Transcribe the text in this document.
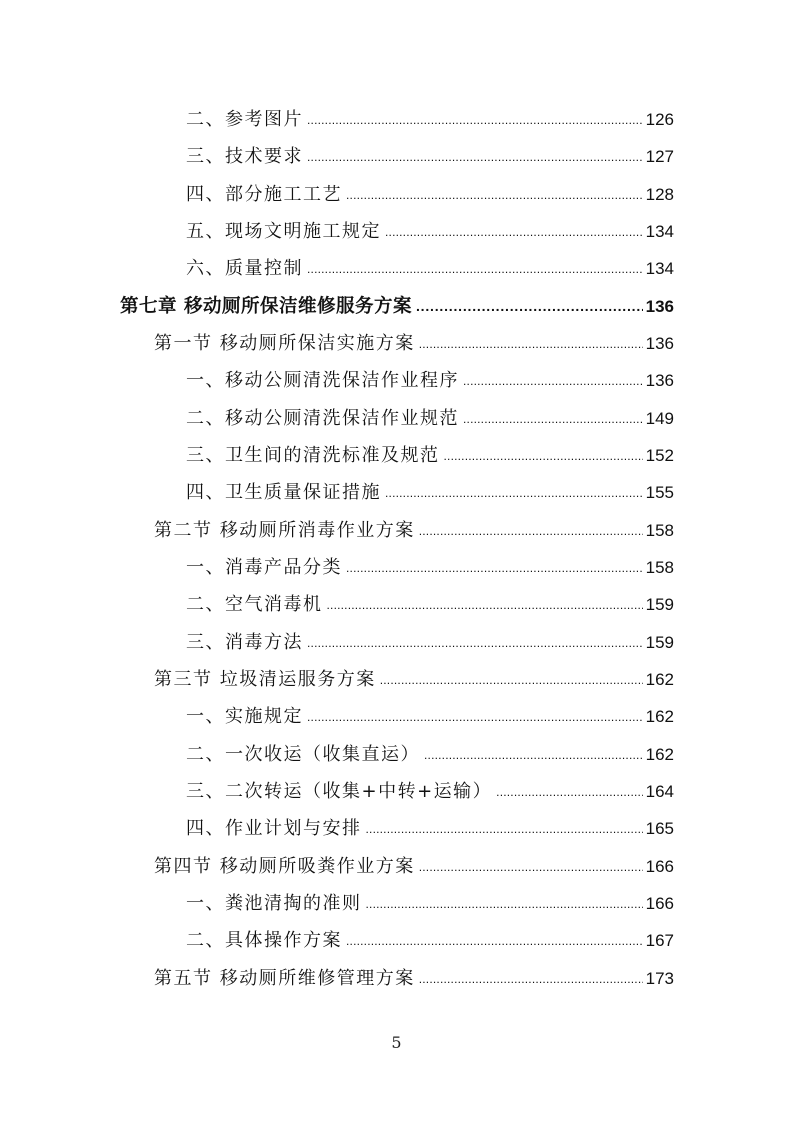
二、参考图片 .....	126
三、技术要求 .....	127
四、部分施工工艺 .....	128
五、现场文明施工规定 .....	134
六、质量控制 .....	134
第七章 移动厕所保洁维修服务方案 .....	136
第一节 移动厕所保洁实施方案 .....	136
一、移动公厕清洗保洁作业程序 .....	136
二、移动公厕清洗保洁作业规范 .....	149
三、卫生间的清洗标准及规范 .....	152
四、卫生质量保证措施 .....	155
第二节 移动厕所消毒作业方案 .....	158
一、消毒产品分类 .....	158
二、空气消毒机 .....	159
三、消毒方法 .....	159
第三节 垃圾清运服务方案 .....	162
一、实施规定 .....	162
二、一次收运（收集直运） .....	162
三、二次转运（收集+中转+运输） .....	164
四、作业计划与安排 .....	165
第四节 移动厕所吸粪作业方案 .....	166
一、粪池清掏的准则 .....	166
二、具体操作方案 .....	167
第五节 移动厕所维修管理方案 .....	173
5
